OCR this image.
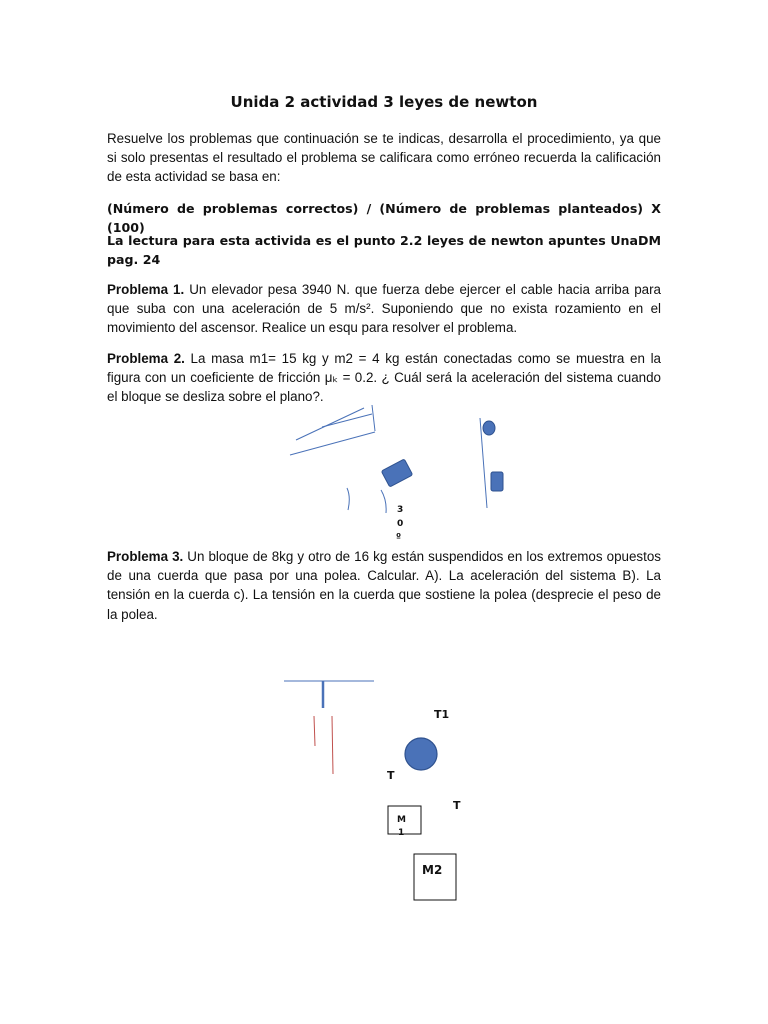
Unida 2 actividad 3 leyes de newton

Resuelve los problemas que continuación se te indicas, desarrolla el procedimiento, ya que si solo presentas el resultado el problema se calificara como erróneo recuerda la calificación de esta actividad se basa en:

(Número de problemas correctos) / (Número de problemas planteados) X (100)

La lectura para esta activida es el punto 2.2 leyes de newton apuntes UnaDM pag. 24

Problema 1. Un elevador pesa 3940 N. que fuerza debe ejercer el cable hacia arriba para que suba con una aceleración de 5 m/s². Suponiendo que no exista rozamiento en el movimiento del ascensor. Realice un esqu para resolver el problema.

Problema 2. La masa m1= 15 kg y m2 = 4 kg están conectadas como se muestra en la figura con un coeficiente de fricción μₖ = 0.2. ¿ Cuál será la aceleración del sistema cuando el bloque se desliza sobre el plano?.

Problema 3. Un bloque de 8kg y otro de 16 kg están suspendidos en los extremos opuestos de una cuerda que pasa por una polea. Calcular. A). La aceleración del sistema B). La tensión en la cuerda c). La tensión en la cuerda que sostiene la polea (desprecie el peso de la polea.

3
0
º
T1
T
T
M
1
M2
